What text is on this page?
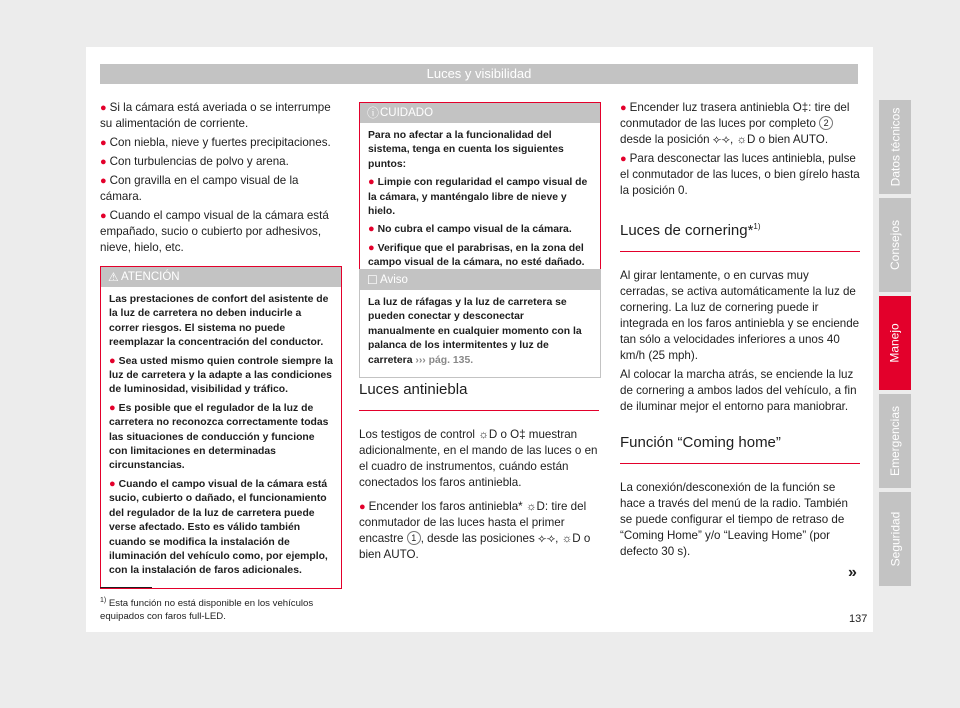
Luces y visibilidad

● Si la cámara está averiada o se interrumpe su alimentación de corriente.

● Con niebla, nieve y fuertes precipitaciones.

● Con turbulencias de polvo y arena.

● Con gravilla en el campo visual de la cámara.

● Cuando el campo visual de la cámara está empañado, sucio o cubierto por adhesivos, nieve, hielo, etc.

⚠ ATENCIÓN

Las prestaciones de confort del asistente de la luz de carretera no deben inducirle a correr riesgos. El sistema no puede reemplazar la concentración del conductor.

● Sea usted mismo quien controle siempre la luz de carretera y la adapte a las condiciones de luminosidad, visibilidad y tráfico.

● Es posible que el regulador de la luz de carretera no reconozca correctamente todas las situaciones de conducción y funcione con limitaciones en determinadas circunstancias.

● Cuando el campo visual de la cámara está sucio, cubierto o dañado, el funcionamiento del regulador de la luz de carretera puede verse afectado. Esto es válido también cuando se modifica la instalación de iluminación del vehículo como, por ejemplo, con la instalación de faros adicionales.

ⓘ CUIDADO

Para no afectar a la funcionalidad del sistema, tenga en cuenta los siguientes puntos:

● Limpie con regularidad el campo visual de la cámara, y manténgalo libre de nieve y hielo.

● No cubra el campo visual de la cámara.

● Verifique que el parabrisas, en la zona del campo visual de la cámara, no esté dañado.

☐ Aviso

La luz de ráfagas y la luz de carretera se pueden conectar y desconectar manualmente en cualquier momento con la palanca de los intermitentes y luz de carretera ››› pág. 135.

Luces antiniebla

Los testigos de control ☼D o O‡ muestran adicionalmente, en el mando de las luces o en el cuadro de instrumentos, cuándo están conectados los faros antiniebla.

● Encender los faros antiniebla* ☼D: tire del conmutador de las luces hasta el primer encastre 1 , desde las posiciones ⟣⟢, ☼D o bien AUTO.

● Encender luz trasera antiniebla O‡: tire del conmutador de las luces por completo 2 desde la posición ⟣⟢, ☼D o bien AUTO.

● Para desconectar las luces antiniebla, pulse el conmutador de las luces, o bien gírelo hasta la posición 0.

Luces de cornering*$^{1)}$

Al girar lentamente, o en curvas muy cerradas, se activa automáticamente la luz de cornering. La luz de cornering puede ir integrada en los faros antiniebla y se enciende tan sólo a velocidades inferiores a unos 40 km/h (25 mph).

Al colocar la marcha atrás, se enciende la luz de cornering a ambos lados del vehículo, a fin de iluminar mejor el entorno para maniobrar.

Función “Coming home”

La conexión/desconexión de la función se hace a través del menú de la radio. También se puede configurar el tiempo de retraso de “Coming Home” y/o “Leaving Home” (por defecto 30 s).

»
$^{1)}$ Esta función no está disponible en los vehículos equipados con faros full-LED.	137
Datos técnicos
Consejos
Manejo
Emergencias
Seguridad
